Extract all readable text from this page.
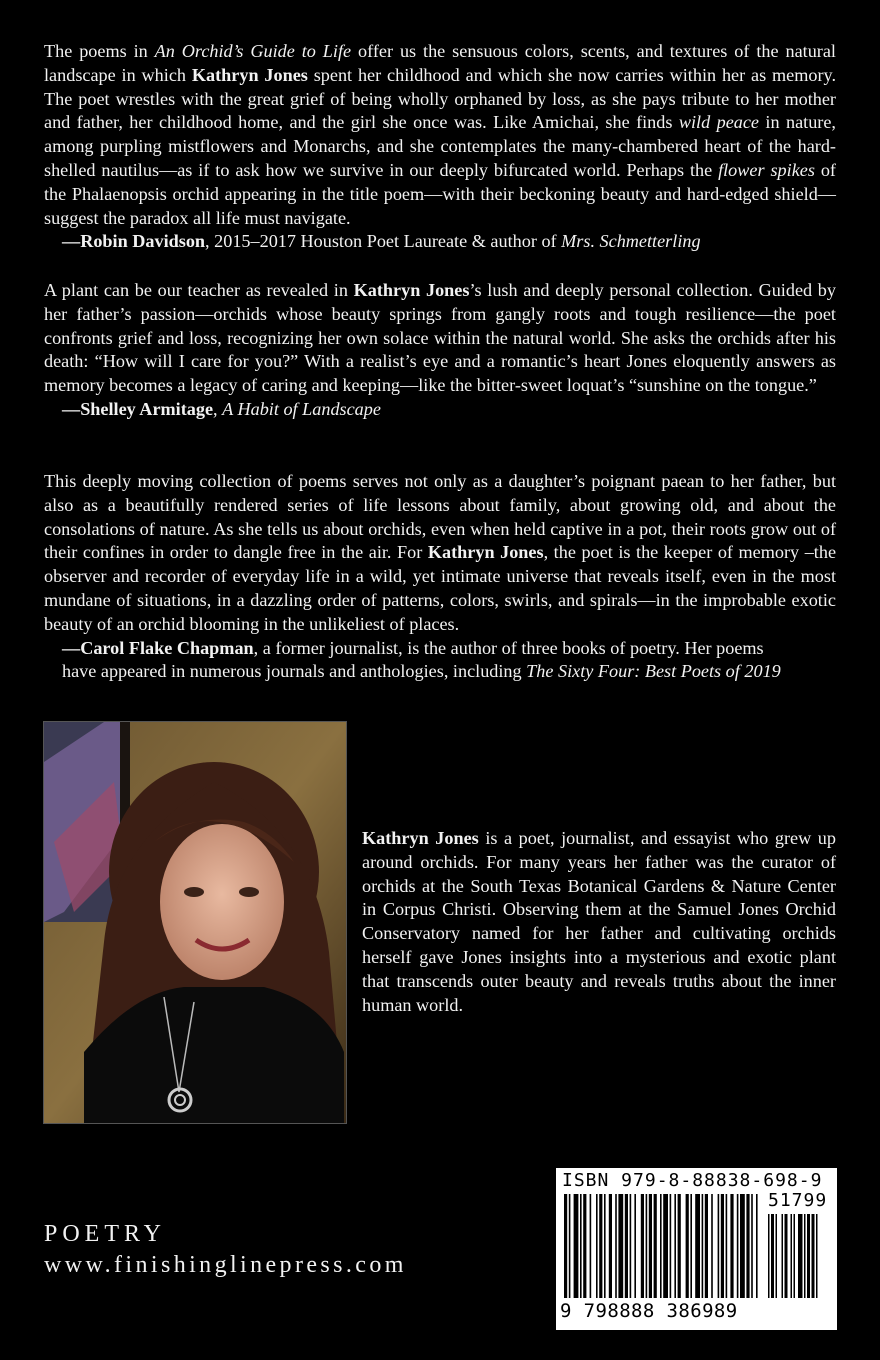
The poems in An Orchid’s Guide to Life offer us the sensuous colors, scents, and textures of the natural landscape in which Kathryn Jones spent her childhood and which she now carries within her as memory. The poet wrestles with the great grief of being wholly orphaned by loss, as she pays tribute to her mother and father, her childhood home, and the girl she once was. Like Amichai, she finds wild peace in nature, among purpling mistflowers and Monarchs, and she contemplates the many-chambered heart of the hard-shelled nautilus—as if to ask how we survive in our deeply bifurcated world. Perhaps the flower spikes of the Phalaenopsis orchid appearing in the title poem—with their beckoning beauty and hard-edged shield—suggest the paradox all life must navigate.

—Robin Davidson, 2015–2017 Houston Poet Laureate & author of Mrs. Schmetterling

A plant can be our teacher as revealed in Kathryn Jones’s lush and deeply personal collection. Guided by her father’s passion—orchids whose beauty springs from gangly roots and tough resilience—the poet confronts grief and loss, recognizing her own solace within the natural world. She asks the orchids after his death: “How will I care for you?” With a realist’s eye and a romantic’s heart Jones eloquently answers as memory becomes a legacy of caring and keeping—like the bitter-sweet loquat’s “sunshine on the tongue.”

—Shelley Armitage, A Habit of Landscape

This deeply moving collection of poems serves not only as a daughter’s poignant paean to her father, but also as a beautifully rendered series of life lessons about family, about growing old, and about the consolations of nature. As she tells us about orchids, even when held captive in a pot, their roots grow out of their confines in order to dangle free in the air. For Kathryn Jones, the poet is the keeper of memory –the observer and recorder of everyday life in a wild, yet intimate universe that reveals itself, even in the most mundane of situations, in a dazzling order of patterns, colors, swirls, and spirals—in the improbable exotic beauty of an orchid blooming in the unlikeliest of places.

—Carol Flake Chapman, a former journalist, is the author of three books of poetry. Her poems

have appeared in numerous journals and anthologies, including The Sixty Four: Best Poets of 2019

Kathryn Jones is a poet, journalist, and essayist who grew up around orchids. For many years her father was the curator of orchids at the South Texas Botanical Gardens & Nature Center in Corpus Christi. Observing them at the Samuel Jones Orchid Conservatory named for her father and cultivating orchids herself gave Jones insights into a mysterious and exotic plant that transcends outer beauty and reveals truths about the inner human world.

POETRY
www.finishinglinepress.com
ISBN 979-8-88838-698-9
51799
9 798888 386989
